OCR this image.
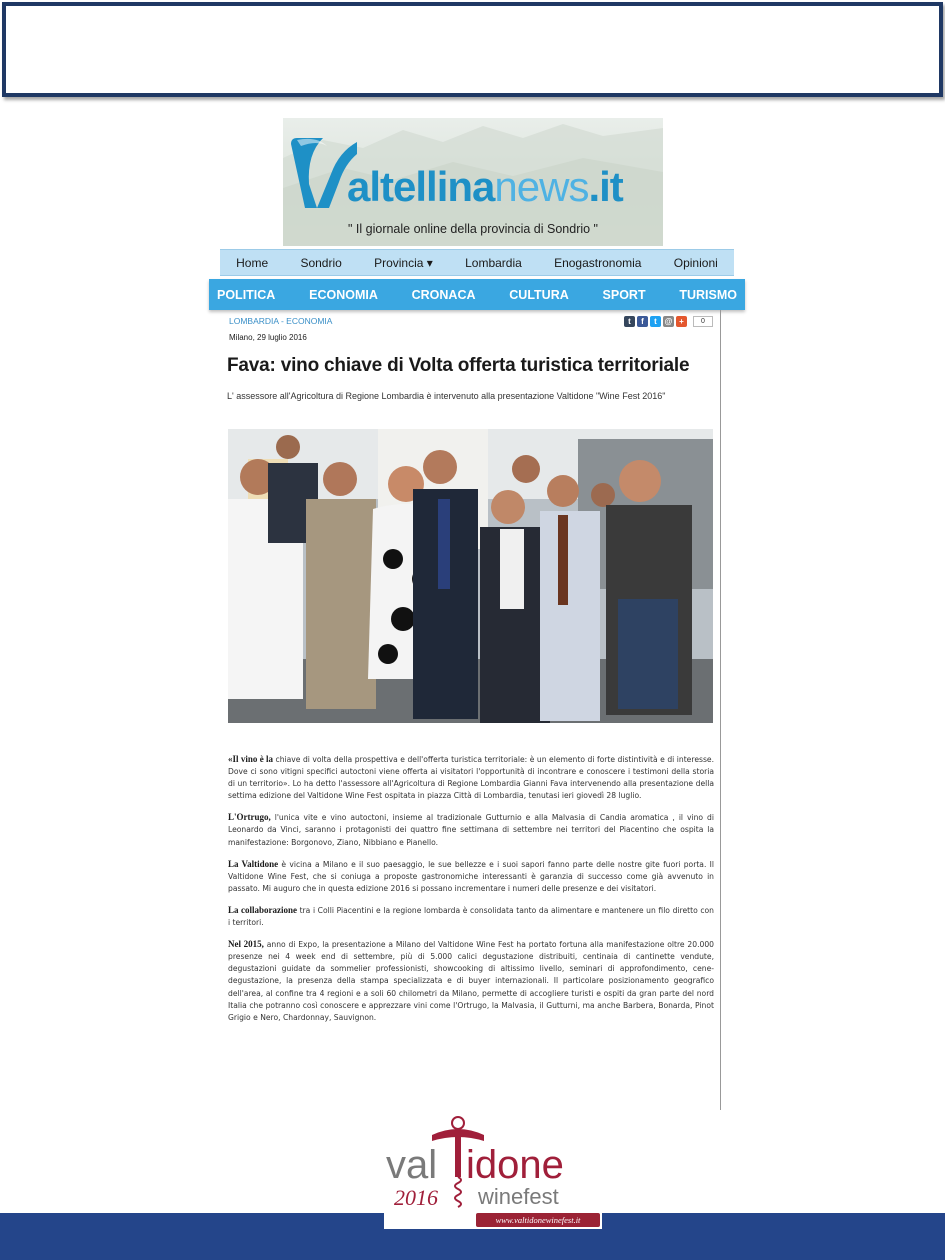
altellinanews.it
" Il giornale online della provincia di Sondrio "
Home	Sondrio	Provincia ▾	Lombardia	Enogastronomia	Opinioni
POLITICA	ECONOMIA	CRONACA	CULTURA	SPORT	TURISMO
LOMBARDIA - ECONOMIA
Milano, 29 luglio 2016
t	f	t @ +	0
Fava: vino chiave di Volta offerta turistica territoriale
L' assessore all'Agricoltura di Regione Lombardia è intervenuto alla presentazione Valtidone "Wine Fest 2016"

«Il vino è la chiave di volta della prospettiva e dell'offerta turistica territoriale: è un elemento di forte distintività e di interesse. Dove ci sono vitigni specifici autoctoni viene offerta ai visitatori l'opportunità di incontrare e conoscere i testimoni della storia di un territorio». Lo ha detto l'assessore all'Agricoltura di Regione Lombardia Gianni Fava intervenendo alla presentazione della settima edizione del Valtidone Wine Fest ospitata in piazza Città di Lombardia, tenutasi ieri giovedì 28 luglio.

L'Ortrugo, l'unica vite e vino autoctoni, insieme al tradizionale Gutturnio e alla Malvasia di Candia aromatica , il vino di Leonardo da Vinci, saranno i protagonisti dei quattro fine settimana di settembre nei territori del Piacentino che ospita la manifestazione: Borgonovo, Ziano, Nibbiano e Pianello.

La Valtidone è vicina a Milano e il suo paesaggio, le sue bellezze e i suoi sapori fanno parte delle nostre gite fuori porta. Il Valtidone Wine Fest, che si coniuga a proposte gastronomiche interessanti è garanzia di successo come già avvenuto in passato. Mi auguro che in questa edizione 2016 si possano incrementare i numeri delle presenze e dei visitatori.

La collaborazione tra i Colli Piacentini e la regione lombarda è consolidata tanto da alimentare e mantenere un filo diretto con i territori.

Nel 2015, anno di Expo, la presentazione a Milano del Valtidone Wine Fest ha portato fortuna alla manifestazione oltre 20.000 presenze nei 4 week end di settembre, più di 5.000 calici degustazione distribuiti, centinaia di cantinette vendute, degustazioni guidate da sommelier professionisti, showcooking di altissimo livello, seminari di approfondimento, cene-degustazione, la presenza della stampa specializzata e di buyer internazionali. Il particolare posizionamento geografico dell'area, al confine tra 4 regioni e a soli 60 chilometri da Milano, permette di accogliere turisti e ospiti da gran parte del nord Italia che potranno così conoscere e apprezzare vini come l'Ortrugo, la Malvasia, il Gutturni, ma anche Barbera, Bonarda, Pinot Grigio e Nero, Chardonnay, Sauvignon.

val idone
2016 winefest
www.valtidonewinefest.it
